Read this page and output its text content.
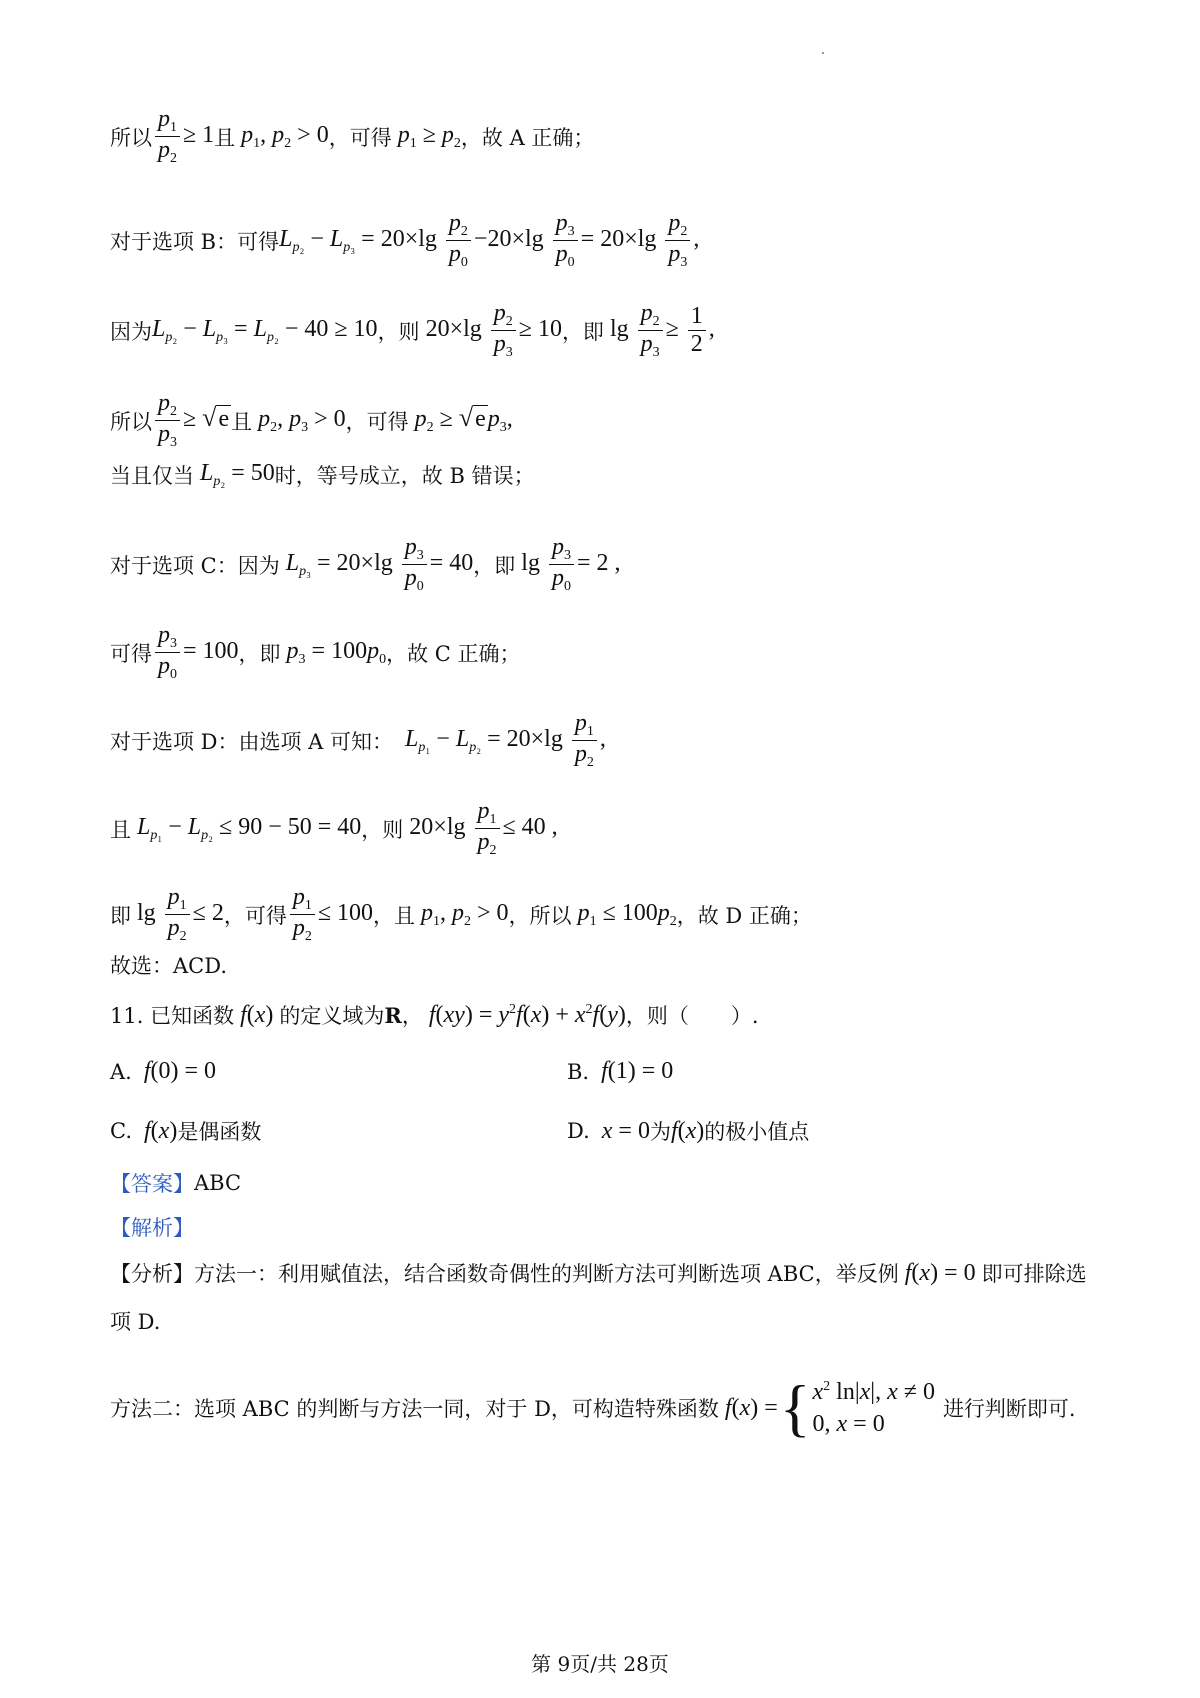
所以 $\frac{p_1}{p_2} \ge 1$ 且 $p_1$, $p_2 > 0$ ，可得 $p_1 \ge p_2$ ，故 A 正确；
对于选项 B：可得 $L_{p_2} - L_{p_3} = 20\times\lg \frac{p_2}{p_0} -20\times\lg \frac{p_3}{p_0} = 20\times\lg \frac{p_2}{p_3}$ ,
因为 $L_{p_2} - L_{p_3} = L_{p_2} - 40 \ge 10$ ，则 $20\times\lg \frac{p_2}{p_3} \ge 10$ ，即 $\lg \frac{p_2}{p_3} \ge \frac{1}{2}$ ,
所以 $\frac{p_2}{p_3}$ ≥ √ e 且 $p_2$, $p_3 > 0$ ，可得 $p_2$ ≥ √ e $p_3$,
当且仅当 $L_{p_2} = 50$ 时，等号成立，故 B 错误；
对于选项 C：因为 $L_{p_3} = 20\times\lg \frac{p_3}{p_0} = 40$ ，即 $\lg \frac{p_3}{p_0} = 2$ ,
可得 $\frac{p_3}{p_0} = 100$ ，即 $p_3 = 100p_0$ ，故 C 正确；
对于选项 D：由选项 A 可知： $L_{p_1} - L_{p_2} = 20\times\lg \frac{p_1}{p_2}$ ,
且 $L_{p_1} - L_{p_2} \le 90 - 50 = 40$ ，则 $20\times\lg \frac{p_1}{p_2} \le 40$ ,
即 $\lg \frac{p_1}{p_2} \le 2$ ，可得 $\frac{p_1}{p_2} \le 100$ ，且 $p_1$, $p_2 > 0$ ，所以 $p_1 \le 100p_2$ ，故 D 正确；
故选：ACD.
11. 已知函数 f(x) 的定义域为 R ， $f(xy) = y^2f(x) + x^2f(y)$ ，则（　　）.
A. f(0) = 0	B. f(1) = 0
C. f(x) 是偶函数	D. x = 0 为 f(x) 的极小值点
【答案】 ABC
【解析】
【分析】 方法一：利用赋值法，结合函数奇偶性的判断方法可判断选项 ABC，举反例 f(x) = 0 即可排除选
项 D.
方法二：选项 ABC 的判断与方法一同，对于 D，可构造特殊函数
f ( x ) = { $x^2$ ln|x|, x ≠ 0
0, x = 0
进行判断即可.
第 9页/共 28页
